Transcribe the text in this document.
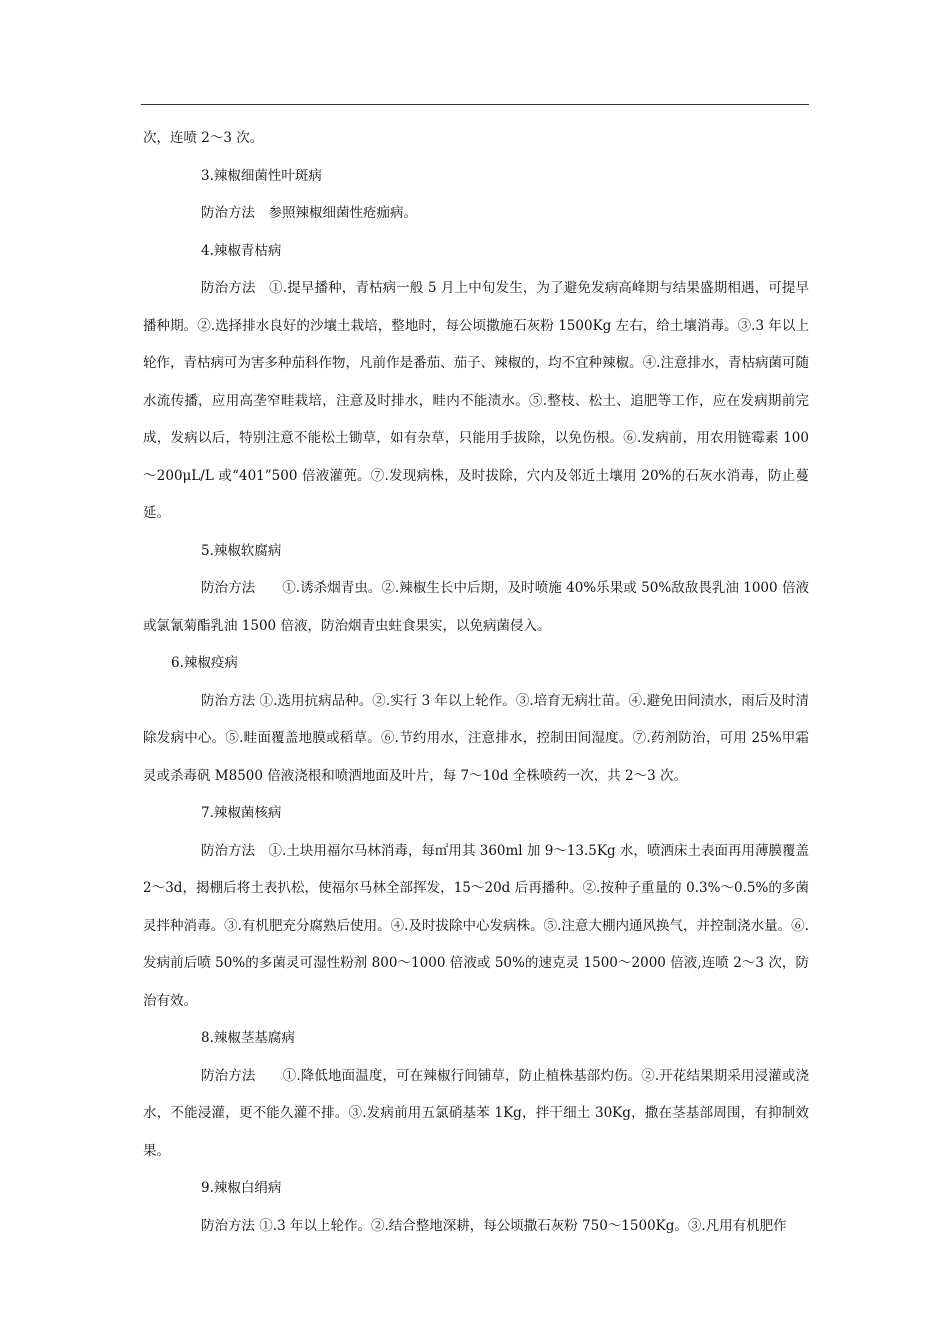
次，连喷 2～3 次。

3.辣椒细菌性叶斑病

防治方法　参照辣椒细菌性疮痂病。

4.辣椒青枯病

防治方法　①.提早播种，青枯病一般 5 月上中旬发生，为了避免发病高峰期与结果盛期相遇，可提早播种期。②.选择排水良好的沙壤土栽培，整地时，每公顷撒施石灰粉 1500Kg 左右，给土壤消毒。③.3 年以上轮作，青枯病可为害多种茄科作物，凡前作是番茄、茄子、辣椒的，均不宜种辣椒。④.注意排水，青枯病菌可随水流传播，应用高垄窄畦栽培，注意及时排水，畦内不能渍水。⑤.整枝、松土、追肥等工作，应在发病期前完成，发病以后，特别注意不能松土锄草，如有杂草，只能用手拔除，以免伤根。⑥.发病前，用农用链霉素 100～200μL/L 或“401”500 倍液灌蔸。⑦.发现病株，及时拔除，穴内及邻近土壤用 20%的石灰水消毒，防止蔓延。

5.辣椒软腐病

防治方法　　①.诱杀烟青虫。②.辣椒生长中后期，及时喷施 40%乐果或 50%敌敌畏乳油 1000 倍液或氯氰菊酯乳油 1500 倍液，防治烟青虫蛀食果实，以免病菌侵入。

6.辣椒疫病

防治方法 ①.选用抗病品种。②.实行 3 年以上轮作。③.培育无病壮苗。④.避免田间渍水，雨后及时清除发病中心。⑤.畦面覆盖地膜或稻草。⑥.节约用水，注意排水，控制田间湿度。⑦.药剂防治，可用 25%甲霜灵或杀毒矾 M8500 倍液浇根和喷洒地面及叶片，每 7～10d 全株喷药一次，共 2～3 次。

7.辣椒菌核病

防治方法　①.土块用福尔马林消毒，每㎡用其 360ml 加 9～13.5Kg 水，喷洒床土表面再用薄膜覆盖 2～3d，揭棚后将土表扒松，使福尔马林全部挥发，15～20d 后再播种。②.按种子重量的 0.3%～0.5%的多菌灵拌种消毒。③.有机肥充分腐熟后使用。④.及时拔除中心发病株。⑤.注意大棚内通风换气，并控制浇水量。⑥.发病前后喷 50%的多菌灵可湿性粉剂 800～1000 倍液或 50%的速克灵 1500～2000 倍液,连喷 2～3 次，防治有效。

8.辣椒茎基腐病

防治方法　　①.降低地面温度，可在辣椒行间铺草，防止植株基部灼伤。②.开花结果期采用浸灌或浇水，不能浸灌，更不能久灌不排。③.发病前用五氯硝基苯 1Kg，拌干细土 30Kg，撒在茎基部周围，有抑制效果。

9.辣椒白绢病

防治方法 ①.3 年以上轮作。②.结合整地深耕，每公顷撒石灰粉 750～1500Kg。③.凡用有机肥作
